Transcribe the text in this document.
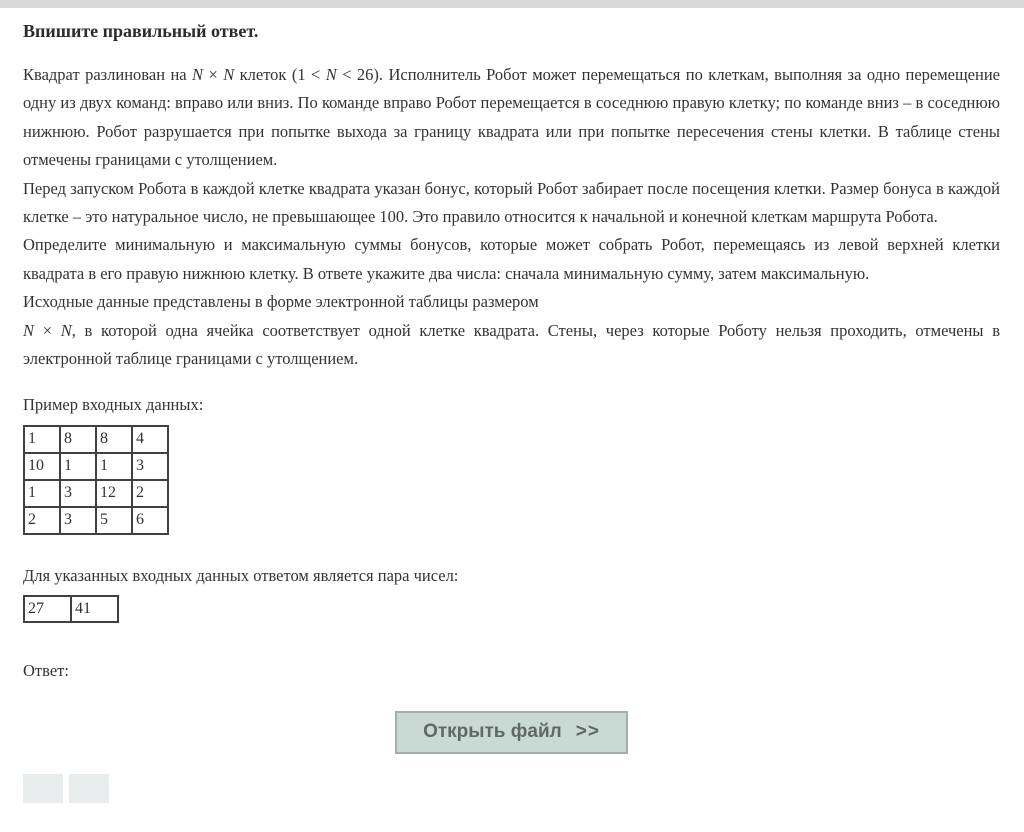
Впишите правильный ответ.

Квадрат разлинован на N × N клеток (1 < N < 26). Исполнитель Робот может перемещаться по клеткам, выполняя за одно перемещение одну из двух команд: вправо или вниз. По команде вправо Робот перемещается в соседнюю правую клетку; по команде вниз – в соседнюю нижнюю. Робот разрушается при попытке выхода за границу квадрата или при попытке пересечения стены клетки. В таблице стены отмечены границами с утолщением.

Перед запуском Робота в каждой клетке квадрата указан бонус, который Робот забирает после посещения клетки. Размер бонуса в каждой клетке – это натуральное число, не превышающее 100. Это правило относится к начальной и конечной клеткам маршрута Робота.

Определите минимальную и максимальную суммы бонусов, которые может собрать Робот, перемещаясь из левой верхней клетки квадрата в его правую нижнюю клетку. В ответе укажите два числа: сначала минимальную сумму, затем максимальную.

Исходные данные представлены в форме электронной таблицы размером

N × N, в которой одна ячейка соответствует одной клетке квадрата. Стены, через которые Роботу нельзя проходить, отмечены в электронной таблице границами с утолщением.

Пример входных данных:

1	8	8	4
10	1	1	3
1	3	12	2
2	3	5	6

Для указанных входных данных ответом является пара чисел:

27	41

Ответ:

Открыть файл >>
